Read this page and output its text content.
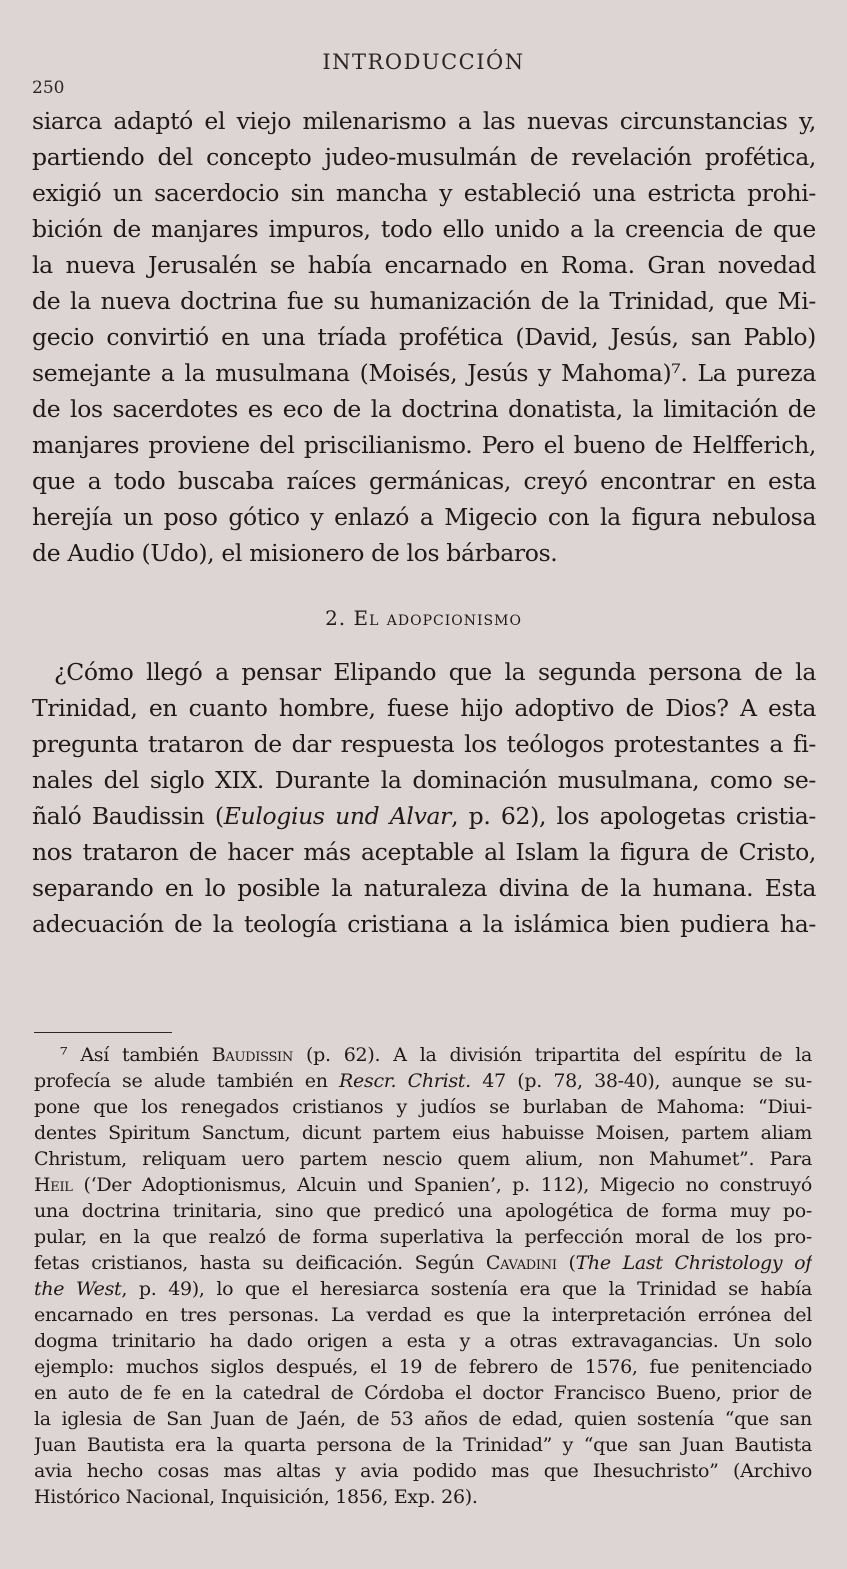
INTRODUCCIÓN
250
siarca adaptó el viejo milenarismo a las nuevas circunstancias y,
partiendo del concepto judeo-musulmán de revelación profética,
exigió un sacerdocio sin mancha y estableció una estricta prohi-
bición de manjares impuros, todo ello unido a la creencia de que
la nueva Jerusalén se había encarnado en Roma. Gran novedad
de la nueva doctrina fue su humanización de la Trinidad, que Mi-
gecio convirtió en una tríada profética (David, Jesús, san Pablo)
semejante a la musulmana (Moisés, Jesús y Mahoma)⁷. La pureza
de los sacerdotes es eco de la doctrina donatista, la limitación de
manjares proviene del priscilianismo. Pero el bueno de Helfferich,
que a todo buscaba raíces germánicas, creyó encontrar en esta
herejía un poso gótico y enlazó a Migecio con la figura nebulosa
de Audio (Udo), el misionero de los bárbaros.
2. El adopcionismo
¿Cómo llegó a pensar Elipando que la segunda persona de la
Trinidad, en cuanto hombre, fuese hijo adoptivo de Dios? A esta
pregunta trataron de dar respuesta los teólogos protestantes a fi-
nales del siglo XIX. Durante la dominación musulmana, como se-
ñaló Baudissin (Eulogius und Alvar, p. 62), los apologetas cristia-
nos trataron de hacer más aceptable al Islam la figura de Cristo,
separando en lo posible la naturaleza divina de la humana. Esta
adecuación de la teología cristiana a la islámica bien pudiera ha-
⁷ Así también Baudissin (p. 62). A la división tripartita del espíritu de la
profecía se alude también en Rescr. Christ. 47 (p. 78, 38-40), aunque se su-
pone que los renegados cristianos y judíos se burlaban de Mahoma: “Diui-
dentes Spiritum Sanctum, dicunt partem eius habuisse Moisen, partem aliam
Christum, reliquam uero partem nescio quem alium, non Mahumet”. Para
Heil (‘Der Adoptionismus, Alcuin und Spanien’, p. 112), Migecio no construyó
una doctrina trinitaria, sino que predicó una apologética de forma muy po-
pular, en la que realzó de forma superlativa la perfección moral de los pro-
fetas cristianos, hasta su deificación. Según Cavadini (The Last Christology of
the West, p. 49), lo que el heresiarca sostenía era que la Trinidad se había
encarnado en tres personas. La verdad es que la interpretación errónea del
dogma trinitario ha dado origen a esta y a otras extravagancias. Un solo
ejemplo: muchos siglos después, el 19 de febrero de 1576, fue penitenciado
en auto de fe en la catedral de Córdoba el doctor Francisco Bueno, prior de
la iglesia de San Juan de Jaén, de 53 años de edad, quien sostenía “que san
Juan Bautista era la quarta persona de la Trinidad” y “que san Juan Bautista
avia hecho cosas mas altas y avia podido mas que Ihesuchristo” (Archivo
Histórico Nacional, Inquisición, 1856, Exp. 26).
